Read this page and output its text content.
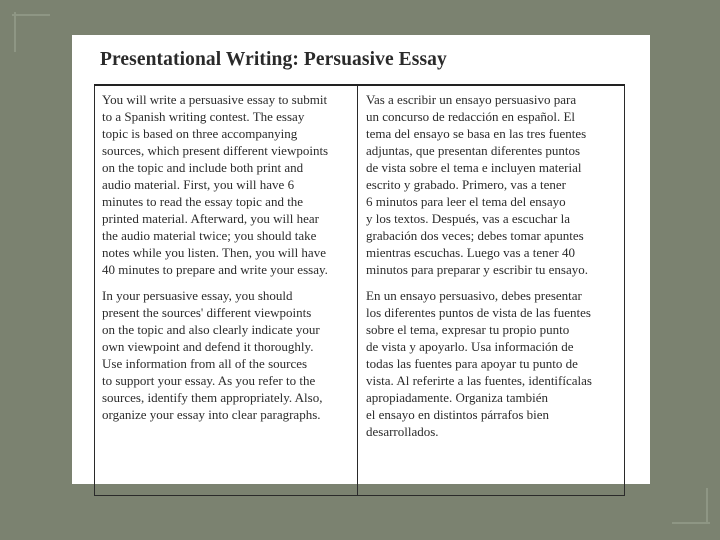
Presentational Writing: Persuasive Essay

You will write a persuasive essay to submit
to a Spanish writing contest. The essay
topic is based on three accompanying
sources, which present different viewpoints
on the topic and include both print and
audio material. First, you will have 6
minutes to read the essay topic and the
printed material. Afterward, you will hear
the audio material twice; you should take
notes while you listen. Then, you will have
40 minutes to prepare and write your essay.

In your persuasive essay, you should
present the sources' different viewpoints
on the topic and also clearly indicate your
own viewpoint and defend it thoroughly.
Use information from all of the sources
to support your essay. As you refer to the
sources, identify them appropriately. Also,
organize your essay into clear paragraphs.

Vas a escribir un ensayo persuasivo para
un concurso de redacción en español. El
tema del ensayo se basa en las tres fuentes
adjuntas, que presentan diferentes puntos
de vista sobre el tema e incluyen material
escrito y grabado. Primero, vas a tener
6 minutos para leer el tema del ensayo
y los textos. Después, vas a escuchar la
grabación dos veces; debes tomar apuntes
mientras escuchas. Luego vas a tener 40
minutos para preparar y escribir tu ensayo.

En un ensayo persuasivo, debes presentar
los diferentes puntos de vista de las fuentes
sobre el tema, expresar tu propio punto
de vista y apoyarlo. Usa información de
todas las fuentes para apoyar tu punto de
vista. Al referirte a las fuentes, identifícalas
apropiadamente. Organiza también
el ensayo en distintos párrafos bien
desarrollados.
